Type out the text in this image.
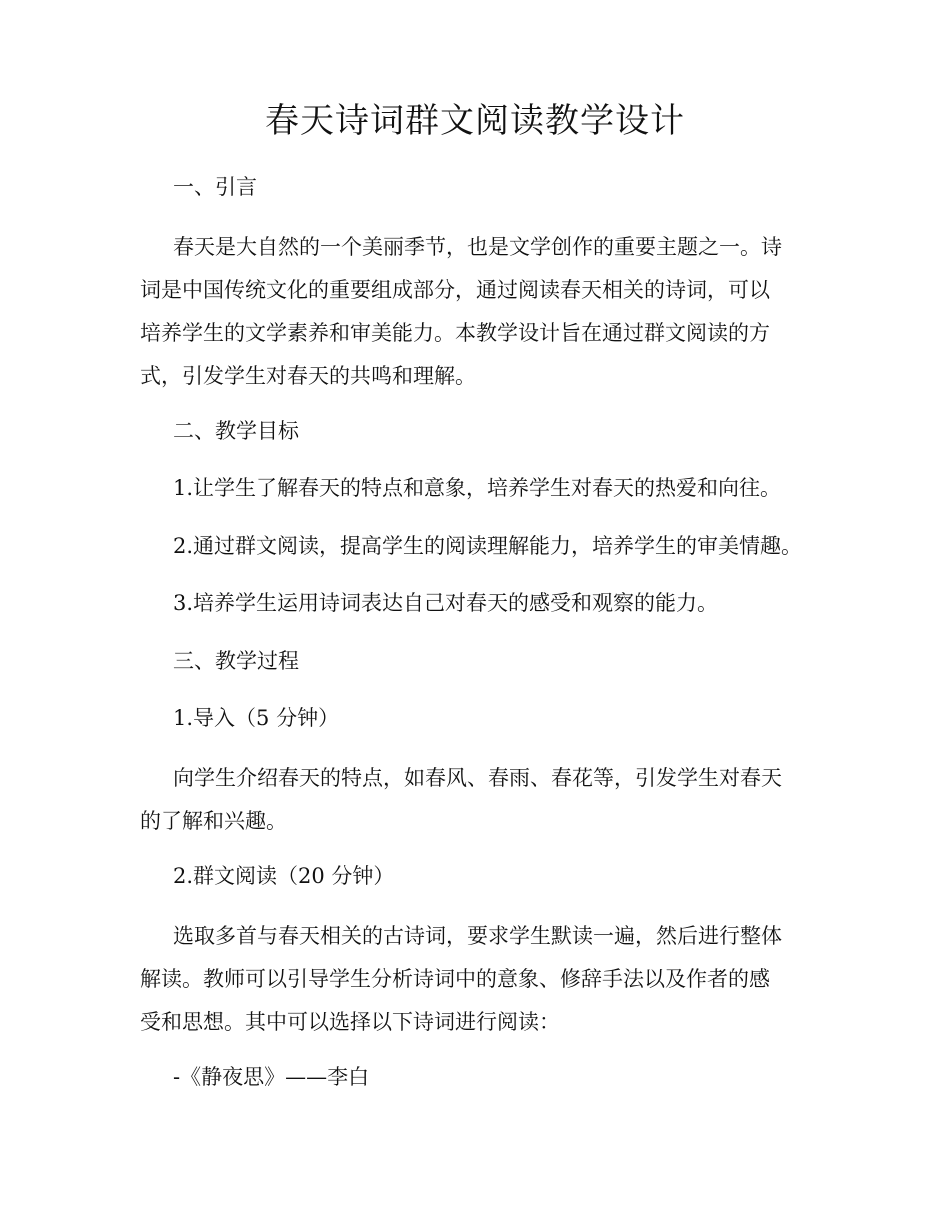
春天诗词群文阅读教学设计
一、引言
春天是大自然的一个美丽季节，也是文学创作的重要主题之一。诗
词是中国传统文化的重要组成部分，通过阅读春天相关的诗词，可以
培养学生的文学素养和审美能力。本教学设计旨在通过群文阅读的方
式，引发学生对春天的共鸣和理解。
二、教学目标
1.让学生了解春天的特点和意象，培养学生对春天的热爱和向往。
2.通过群文阅读，提高学生的阅读理解能力，培养学生的审美情趣。
3.培养学生运用诗词表达自己对春天的感受和观察的能力。
三、教学过程
1.导入（5 分钟）
向学生介绍春天的特点，如春风、春雨、春花等，引发学生对春天
的了解和兴趣。
2.群文阅读（20 分钟）
选取多首与春天相关的古诗词，要求学生默读一遍，然后进行整体
解读。教师可以引导学生分析诗词中的意象、修辞手法以及作者的感
受和思想。其中可以选择以下诗词进行阅读：
-《静夜思》——李白
